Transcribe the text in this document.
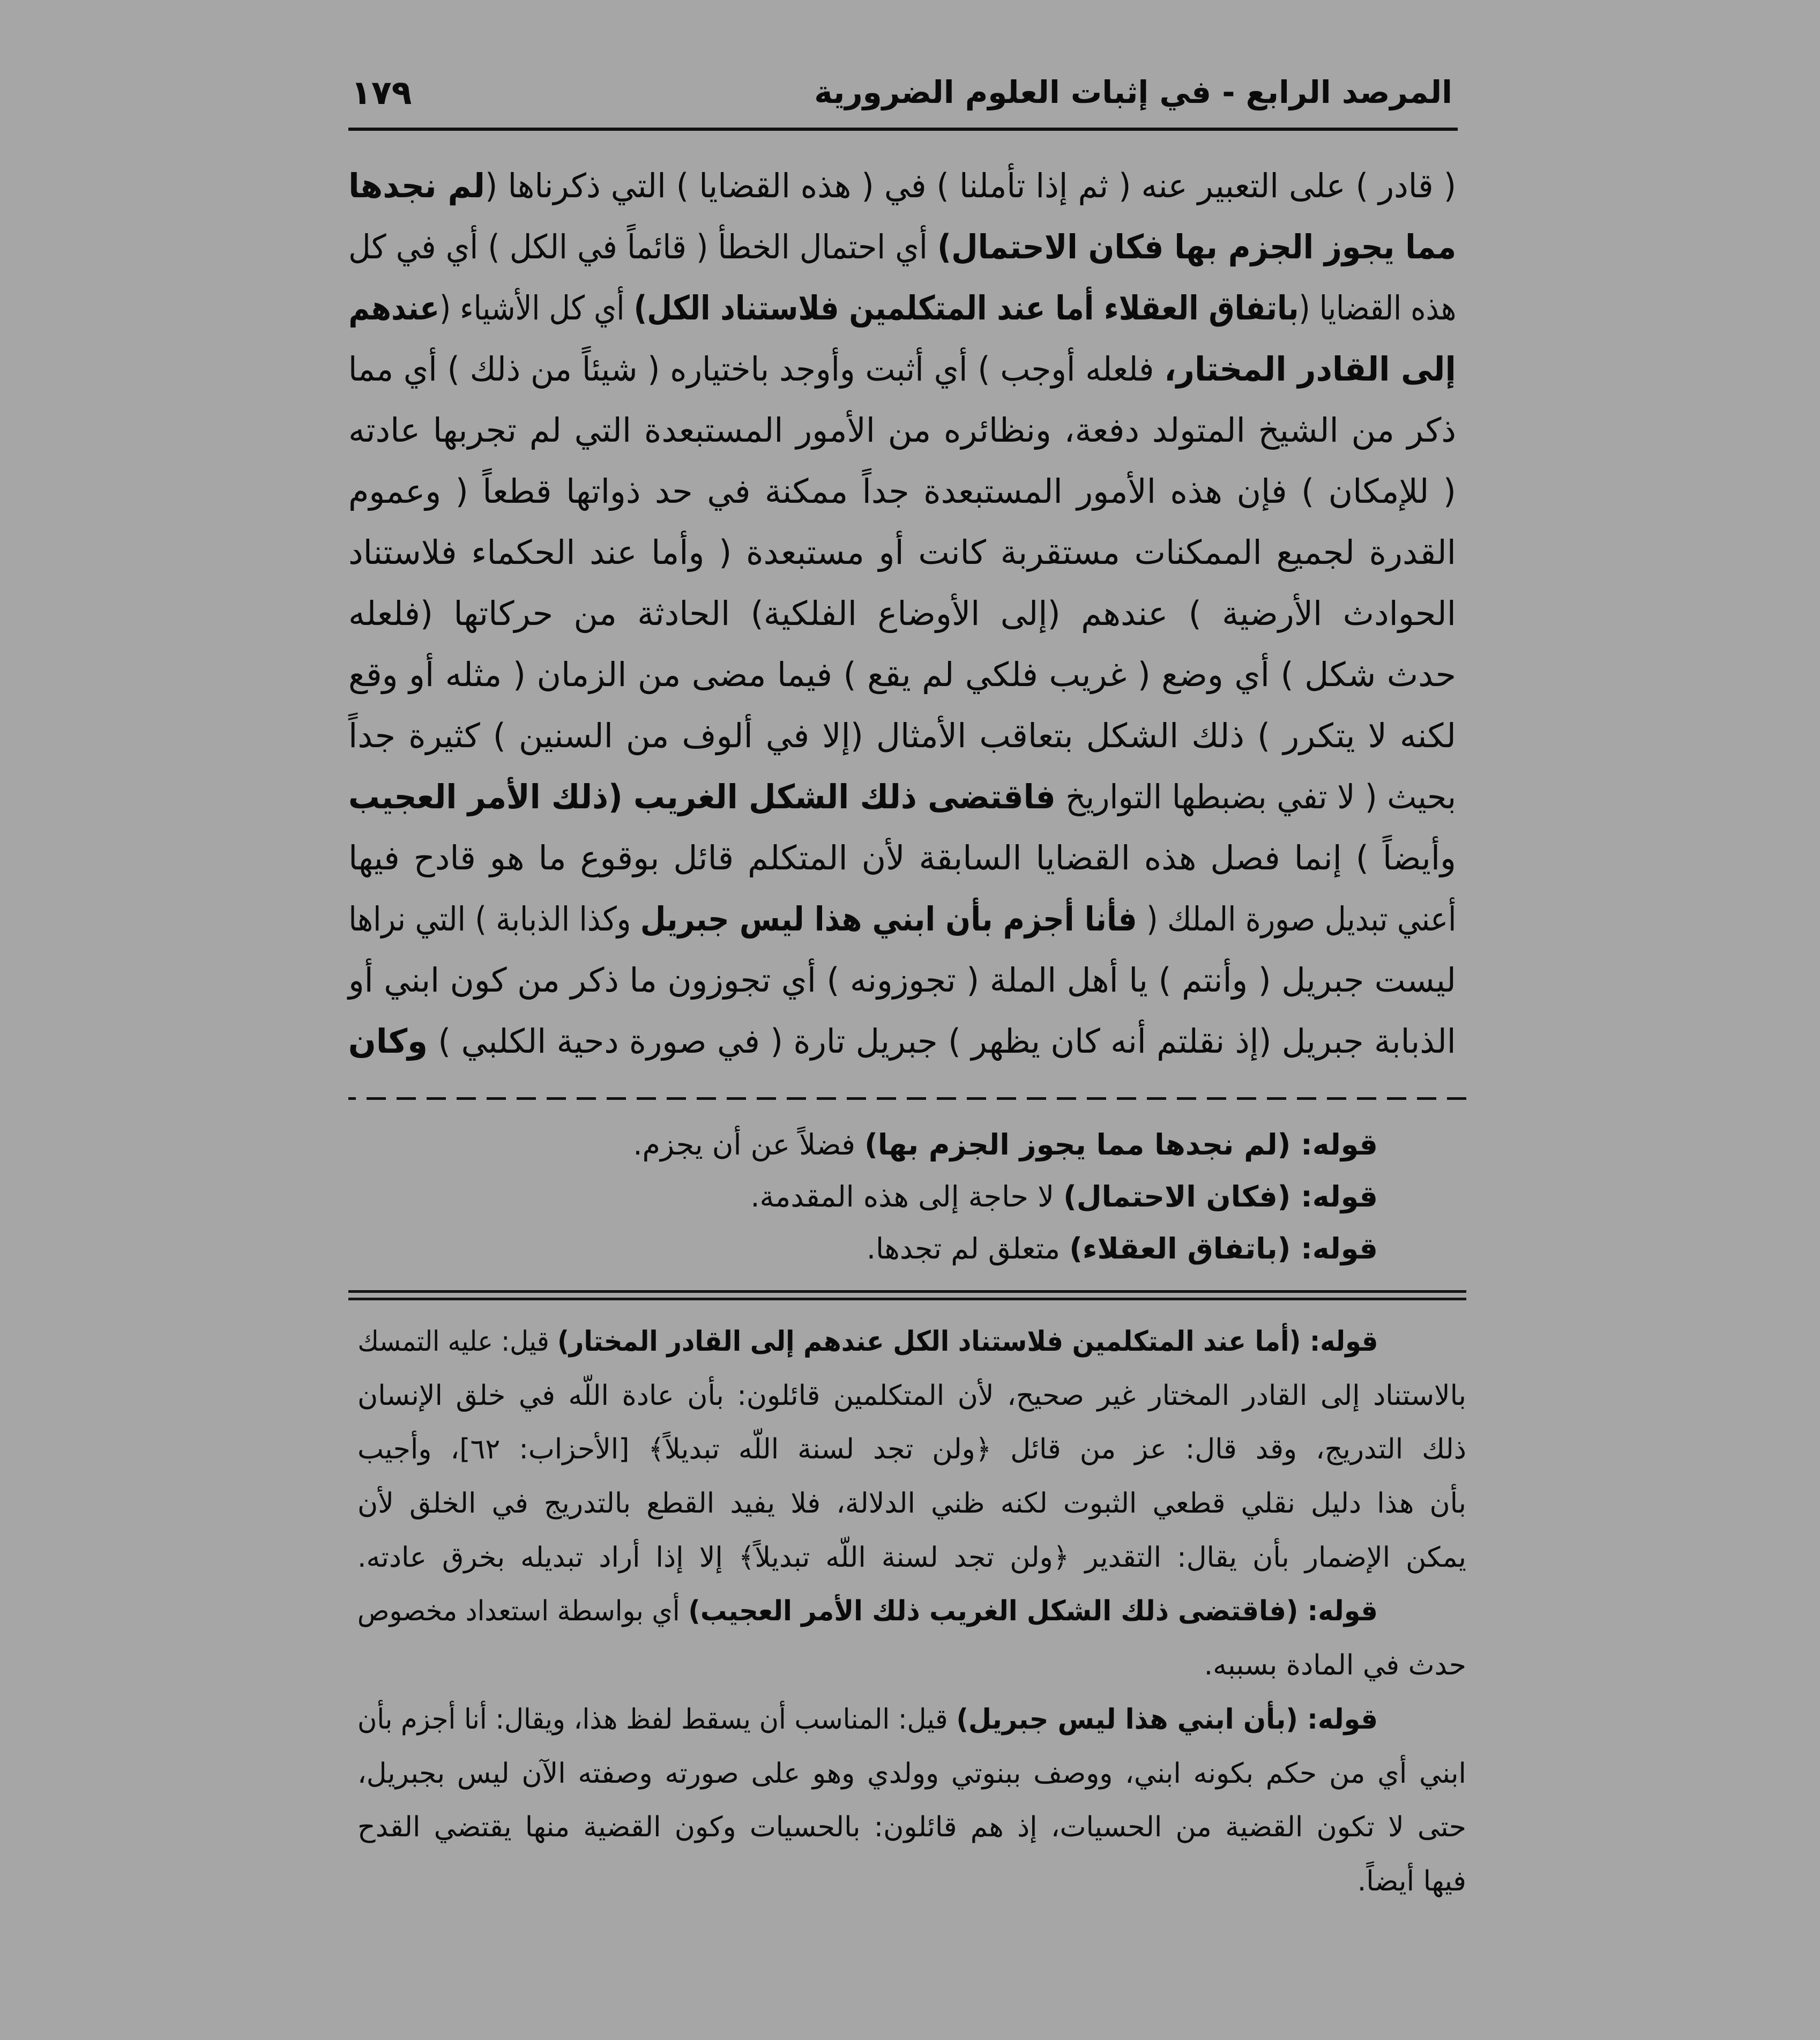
المرصد الرابع - في إثبات العلوم الضرورية
١٧٩
( قادر ) على التعبير عنه ( ثم إذا تأملنا ) في ( هذه القضايا ) التي ذكرناها (لم نجدها
مما يجوز الجزم بها فكان الاحتمال) أي احتمال الخطأ ( قائماً في الكل ) أي في كل
هذه القضايا (باتفاق العقلاء أما عند المتكلمين فلاستناد الكل) أي كل الأشياء (عندهم
إلى القادر المختار، فلعله أوجب ) أي أثبت وأوجد باختياره ( شيئاً من ذلك ) أي مما
ذكر من الشيخ المتولد دفعة، ونظائره من الأمور المستبعدة التي لم تجربها عادته
( للإمكان ) فإن هذه الأمور المستبعدة جداً ممكنة في حد ذواتها قطعاً ( وعموم
القدرة لجميع الممكنات مستقربة كانت أو مستبعدة ( وأما عند الحكماء فلاستناد
الحوادث الأرضية ) عندهم (إلى الأوضاع الفلكية) الحادثة من حركاتها (فلعله
حدث شكل ) أي وضع ( غريب فلكي لم يقع ) فيما مضى من الزمان ( مثله أو وقع
لكنه لا يتكرر ) ذلك الشكل بتعاقب الأمثال (إلا في ألوف من السنين ) كثيرة جداً
بحيث ( لا تفي بضبطها التواريخ فاقتضى ذلك الشكل الغريب (ذلك الأمر العجيب
وأيضاً ) إنما فصل هذه القضايا السابقة لأن المتكلم قائل بوقوع ما هو قادح فيها
أعني تبديل صورة الملك ( فأنا أجزم بأن ابني هذا ليس جبريل وكذا الذبابة ) التي نراها
ليست جبريل ( وأنتم ) يا أهل الملة ( تجوزونه ) أي تجوزون ما ذكر من كون ابني أو
الذبابة جبريل (إذ نقلتم أنه كان يظهر ) جبريل تارة ( في صورة دحية الكلبي ) وكان
قوله: (لم نجدها مما يجوز الجزم بها) فضلاً عن أن يجزم.
قوله: (فكان الاحتمال) لا حاجة إلى هذه المقدمة.
قوله: (باتفاق العقلاء) متعلق لم تجدها.
قوله: (أما عند المتكلمين فلاستناد الكل عندهم إلى القادر المختار) قيل: عليه التمسك
بالاستناد إلى القادر المختار غير صحيح، لأن المتكلمين قائلون: بأن عادة اللّه في خلق الإنسان
ذلك التدريج، وقد قال: عز من قائل ﴿ولن تجد لسنة اللّه تبديلاً﴾ [الأحزاب: ٦٢]، وأجيب
بأن هذا دليل نقلي قطعي الثبوت لكنه ظني الدلالة، فلا يفيد القطع بالتدريج في الخلق لأن
يمكن الإضمار بأن يقال: التقدير ﴿ولن تجد لسنة اللّه تبديلاً﴾ إلا إذا أراد تبديله بخرق عادته.
قوله: (فاقتضى ذلك الشكل الغريب ذلك الأمر العجيب) أي بواسطة استعداد مخصوص
حدث في المادة بسببه.
قوله: (بأن ابني هذا ليس جبريل) قيل: المناسب أن يسقط لفظ هذا، ويقال: أنا أجزم بأن
ابني أي من حكم بكونه ابني، ووصف ببنوتي وولدي وهو على صورته وصفته الآن ليس بجبريل،
حتى لا تكون القضية من الحسيات، إذ هم قائلون: بالحسيات وكون القضية منها يقتضي القدح
فيها أيضاً.
